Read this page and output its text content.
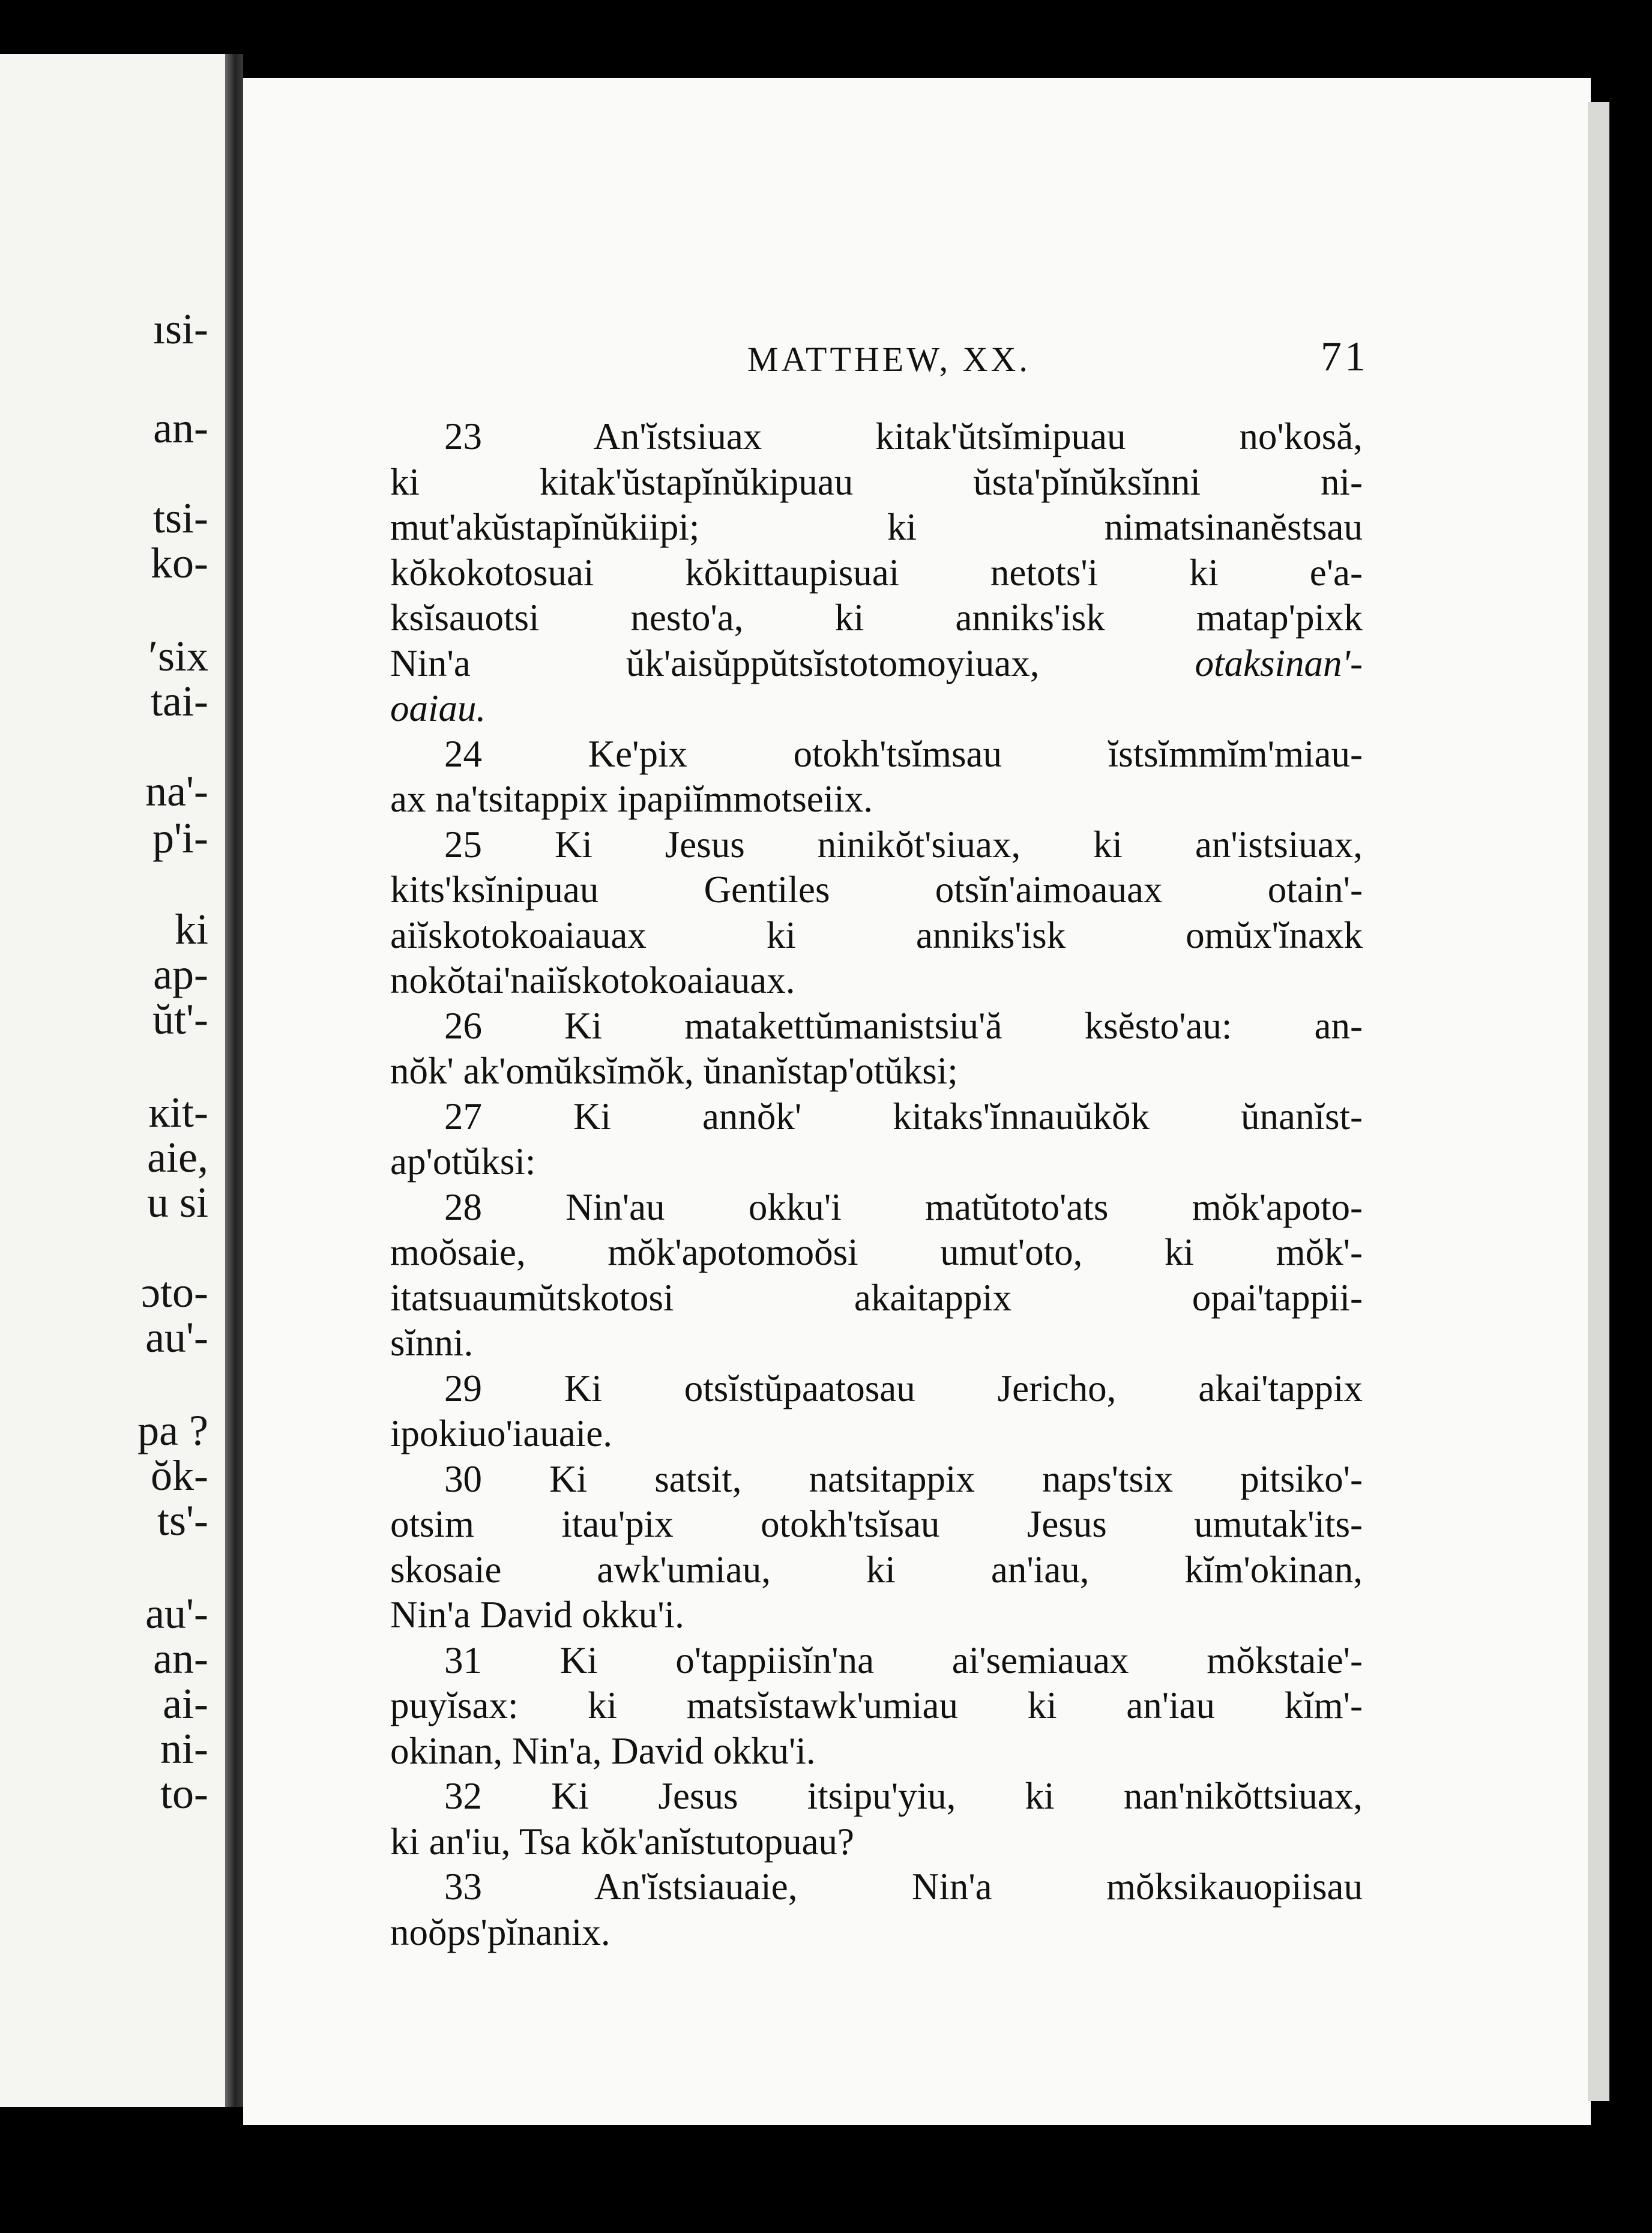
ısi-
an-
tsi-
ko-
ʹsix
tai-
na'-
p'i-
ki
ap-
ŭt'-
ĸit-
aie,
u si
ɔto-
au'-
pa ?
ŏk-
ts'-
au'-
an-
ai-
ni-
to-
MATTHEW, XX.	71
23 An'ĭstsiuax kitak'ŭtsĭmipuau no'kosă,
ki kitak'ŭstapĭnŭkipuau ŭsta'pĭnŭksĭnni ni-
mut'akŭstapĭnŭkiipi; ki nimatsinanĕstsau
kŏkokotosuai kŏkittaupisuai netots'i ki e'a-
ksĭsauotsi nesto'a, ki anniks'isk matap'pixk
Nin'a ŭk'aisŭppŭtsĭstotomoyiuax, otaksinan'-
oaiau.
24 Ke'pix otokh'tsĭmsau ĭstsĭmmĭm'miau-
ax na'tsitappix ipapiĭmmotseiix.
25 Ki Jesus ninikŏt'siuax, ki an'istsiuax,
kits'ksĭnipuau Gentiles otsĭn'aimoauax otain'-
aiĭskotokoaiauax ki anniks'isk omŭx'ĭnaxk
nokŏtai'naiĭskotokoaiauax.
26 Ki matakettŭmanistsiu'ă ksĕsto'au: an-
nŏk' ak'omŭksĭmŏk, ŭnanĭstap'otŭksi;
27 Ki annŏk' kitaks'ĭnnauŭkŏk ŭnanĭst-
ap'otŭksi:
28 Nin'au okku'i matŭtoto'ats mŏk'apoto-
moŏsaie, mŏk'apotomoŏsi umut'oto, ki mŏk'-
itatsuaumŭtskotosi akaitappix opai'tappii-
sĭnni.
29 Ki otsĭstŭpaatosau Jericho, akai'tappix
ipokiuo'iauaie.
30 Ki satsit, natsitappix naps'tsix pitsiko'-
otsim itau'pix otokh'tsĭsau Jesus umutak'its-
skosaie awk'umiau, ki an'iau, kĭm'okinan,
Nin'a David okku'i.
31 Ki o'tappiisĭn'na ai'semiauax mŏkstaie'-
puyĭsax: ki matsĭstawk'umiau ki an'iau kĭm'-
okinan, Nin'a, David okku'i.
32 Ki Jesus itsipu'yiu, ki nan'nikŏttsiuax,
ki an'iu, Tsa kŏk'anĭstutopuau?
33 An'ĭstsiauaie, Nin'a mŏksikauopiisau
noŏps'pĭnanix.
